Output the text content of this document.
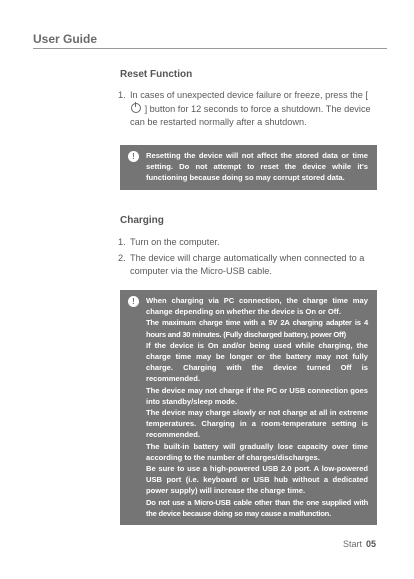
User Guide
Reset Function
1. In cases of unexpected device failure or freeze, press the [  ] button for 12 seconds to force a shutdown. The device can be restarted normally after a shutdown.
!	Resetting the device will not affect the stored data or time setting. Do not attempt to reset the device while it's functioning because doing so may corrupt stored data.

Charging
1. Turn on the computer.
2. The device will charge automatically when connected to a computer via the Micro-USB cable.
!	When charging via PC connection, the charge time may change depending on whether the device is On or Off.

The maximum charge time with a 5V 2A charging adapter is 4 hours and 30 minutes. (Fully discharged battery, power Off)

If the device is On and/or being used while charging, the charge time may be longer or the battery may not fully charge. Charging with the device turned Off is recommended.

The device may not charge if the PC or USB connection goes into standby/sleep mode.

The device may charge slowly or not charge at all in extreme temperatures. Charging in a room-temperature setting is recommended.

The built-in battery will gradually lose capacity over time according to the number of charges/discharges.

Be sure to use a high-powered USB 2.0 port. A low-powered USB port (i.e. keyboard or USB hub without a dedicated power supply) will increase the charge time.

Do not use a Micro-USB cable other than the one supplied with the device because doing so may cause a malfunction.

Start 05
